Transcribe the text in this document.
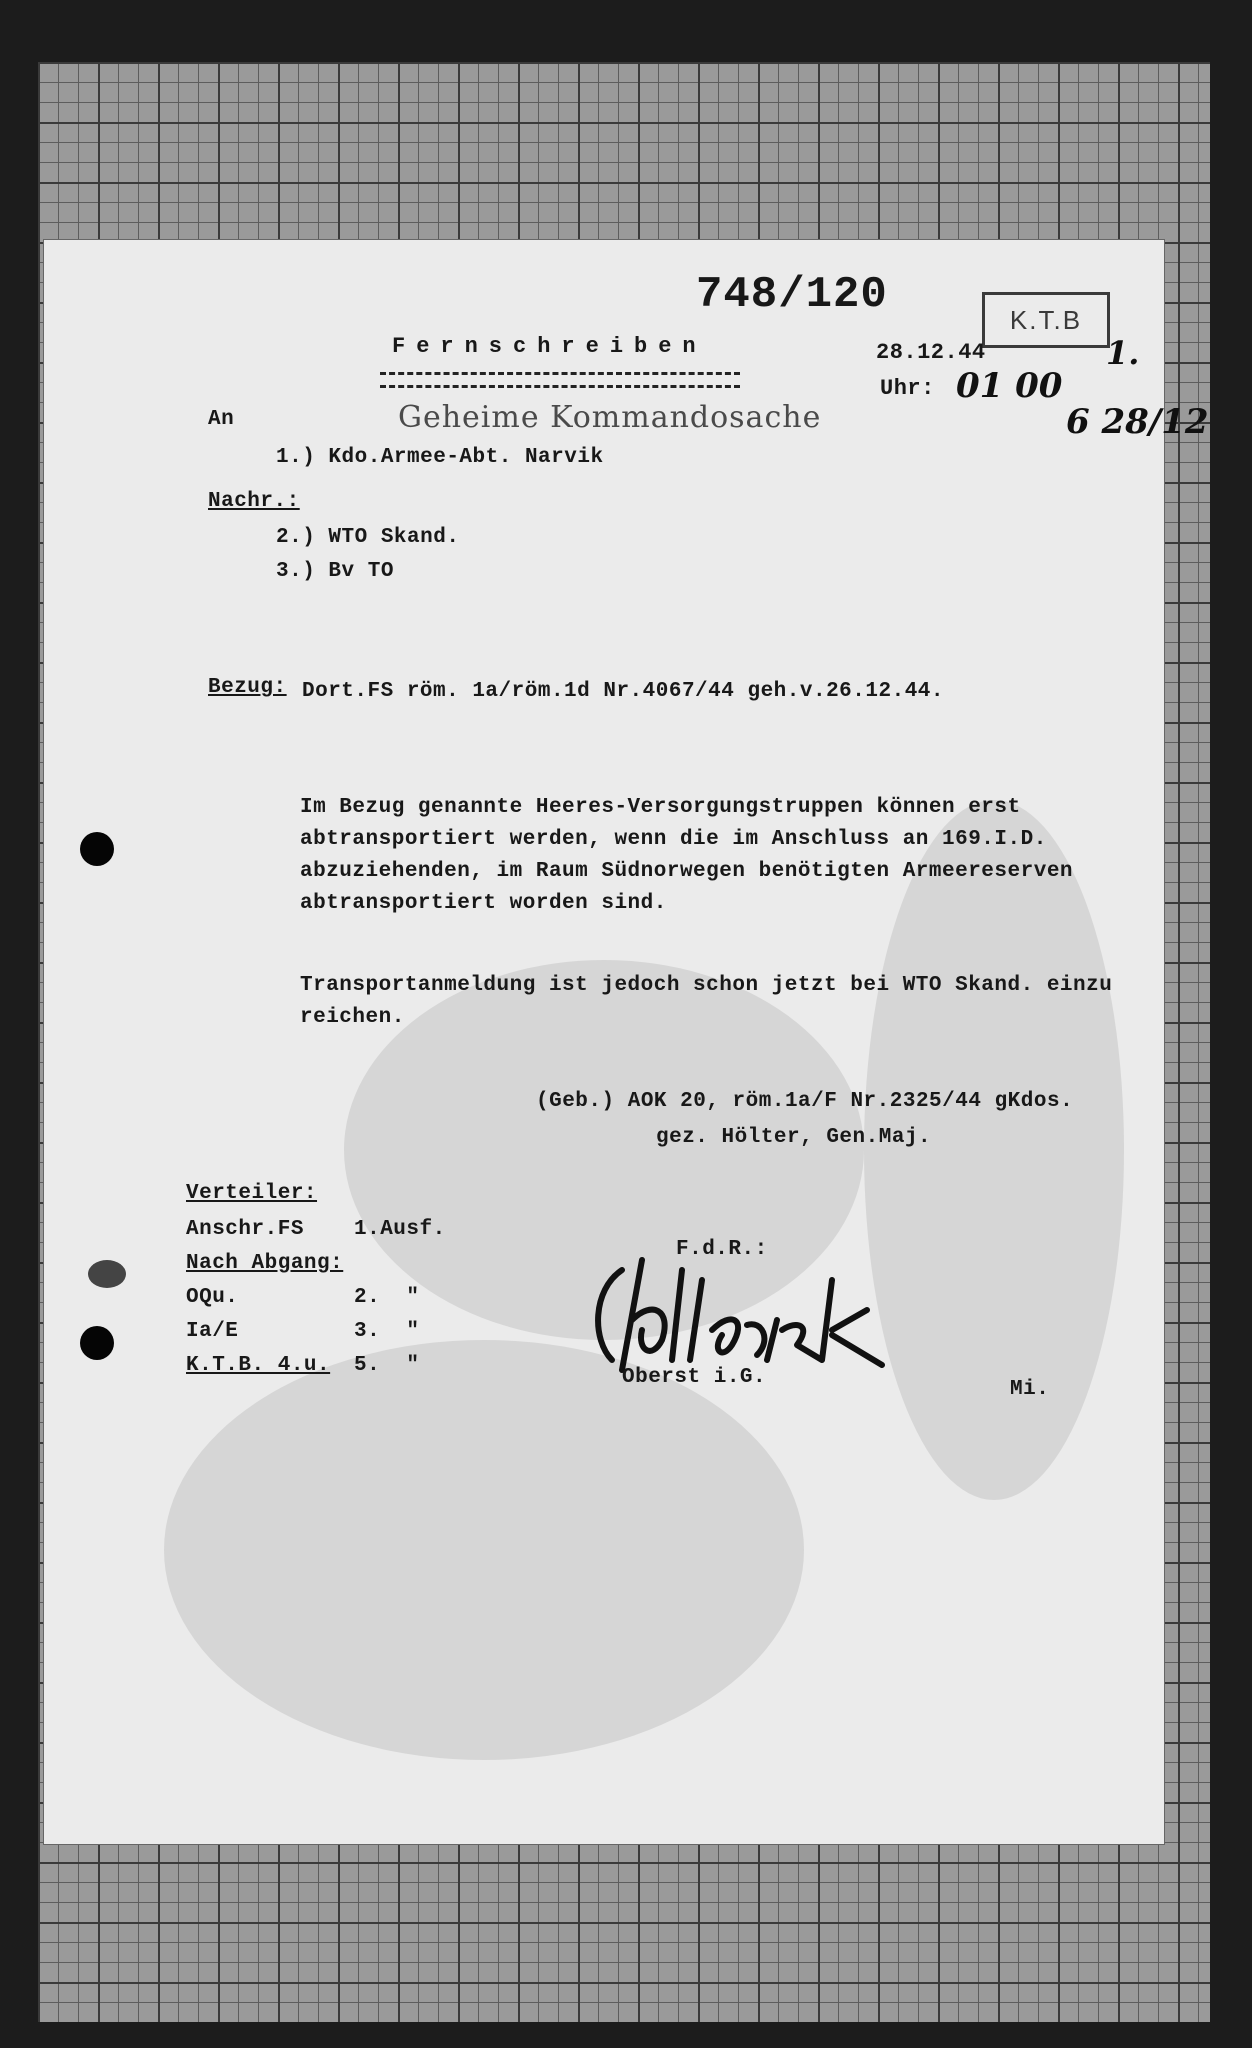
748/120	K.T.B
Fernschreiben	28.12.44
Uhr: 01 00
1.
6 28/12
Geheime Kommandosache
An
1.) Kdo.Armee-Abt. Narvik
Nachr.:
2.) WTO Skand.
3.) Bv TO
Bezug: Dort.FS röm. 1a/röm.1d Nr.4067/44 geh.v.26.12.44.
Im Bezug genannte Heeres-Versorgungstruppen können erst
abtransportiert werden, wenn die im Anschluss an 169.I.D.
abzuziehenden, im Raum Südnorwegen benötigten Armeereserven
abtransportiert worden sind.
Transportanmeldung ist jedoch schon jetzt bei WTO Skand. einzu
reichen.
(Geb.) AOK 20, röm.1a/F Nr.2325/44 gKdos.
gez. Hölter, Gen.Maj.
F.d.R.:
Oberst i.G.
Mi.
Verteiler:
Anschr.FS 1.Ausf.
Nach Abgang:
OQu.	2.  "
Ia/E	3.  "
K.T.B. 4.u. 5.  "
